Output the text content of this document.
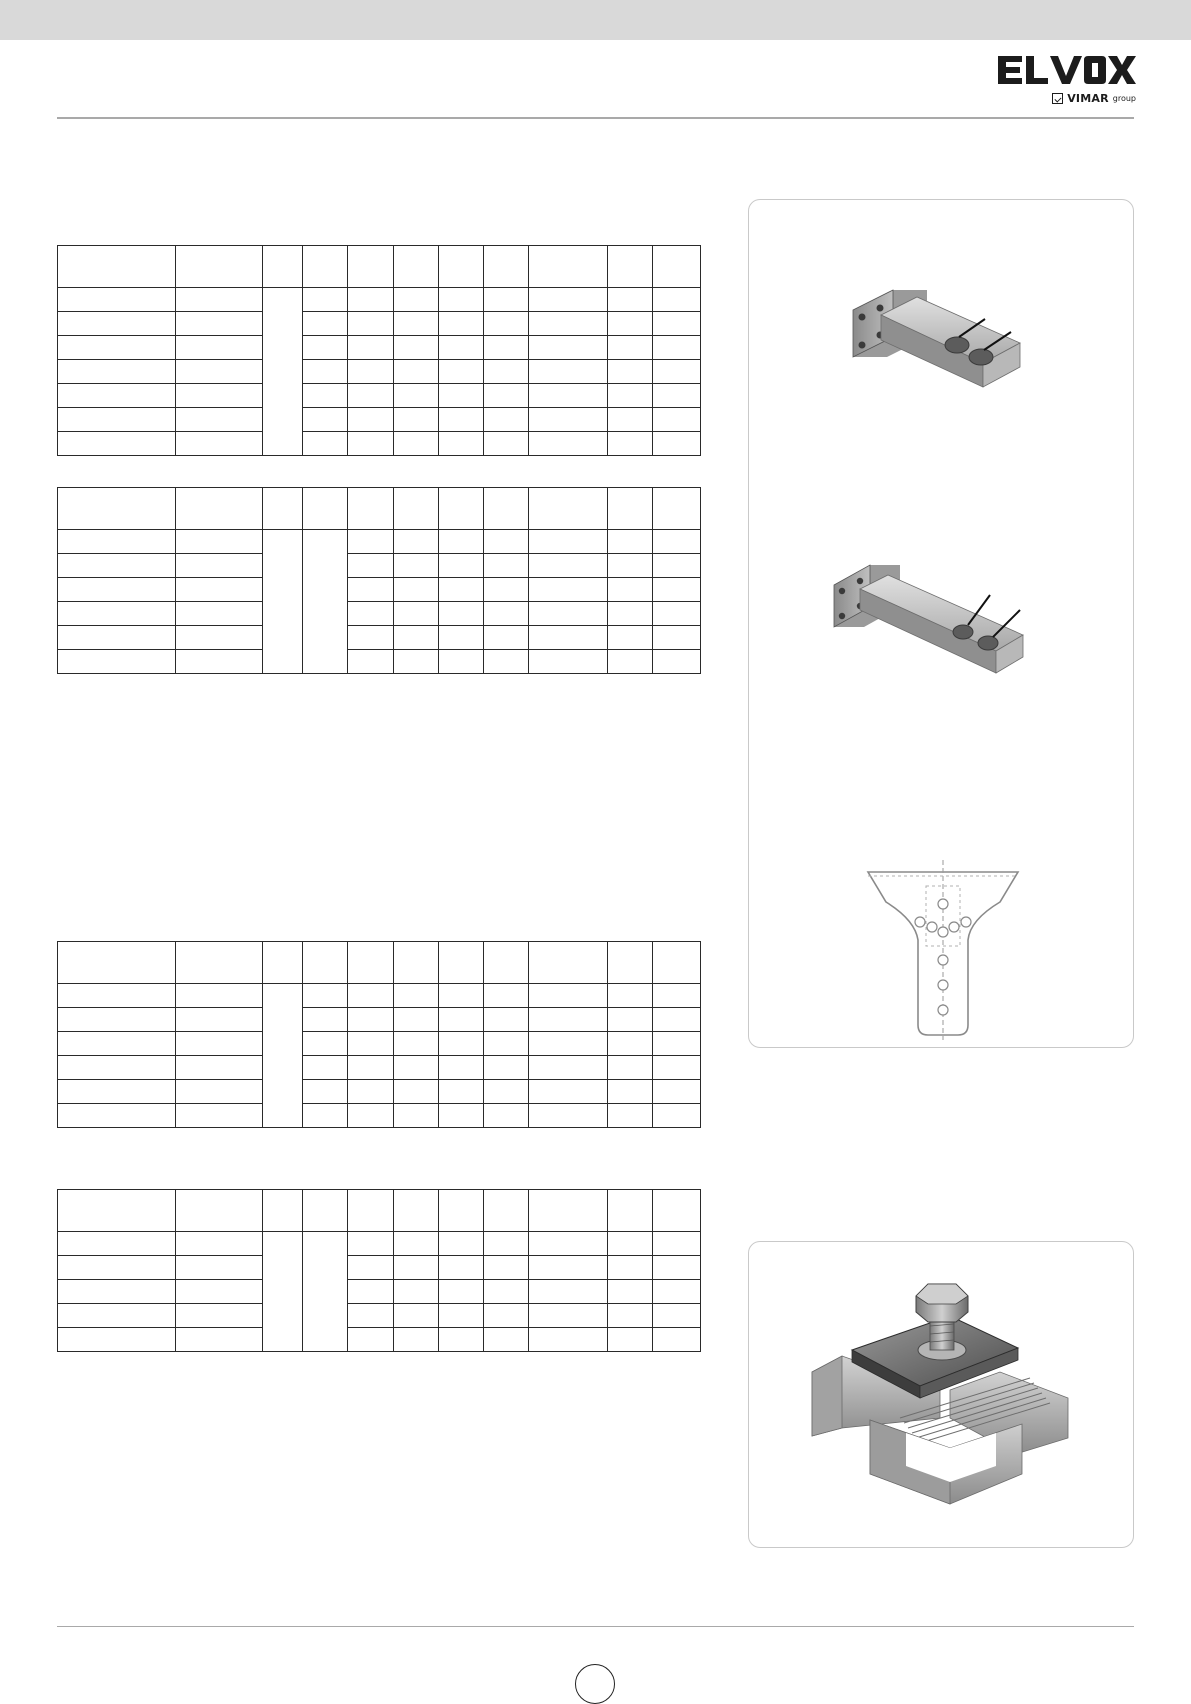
VIMAR group
